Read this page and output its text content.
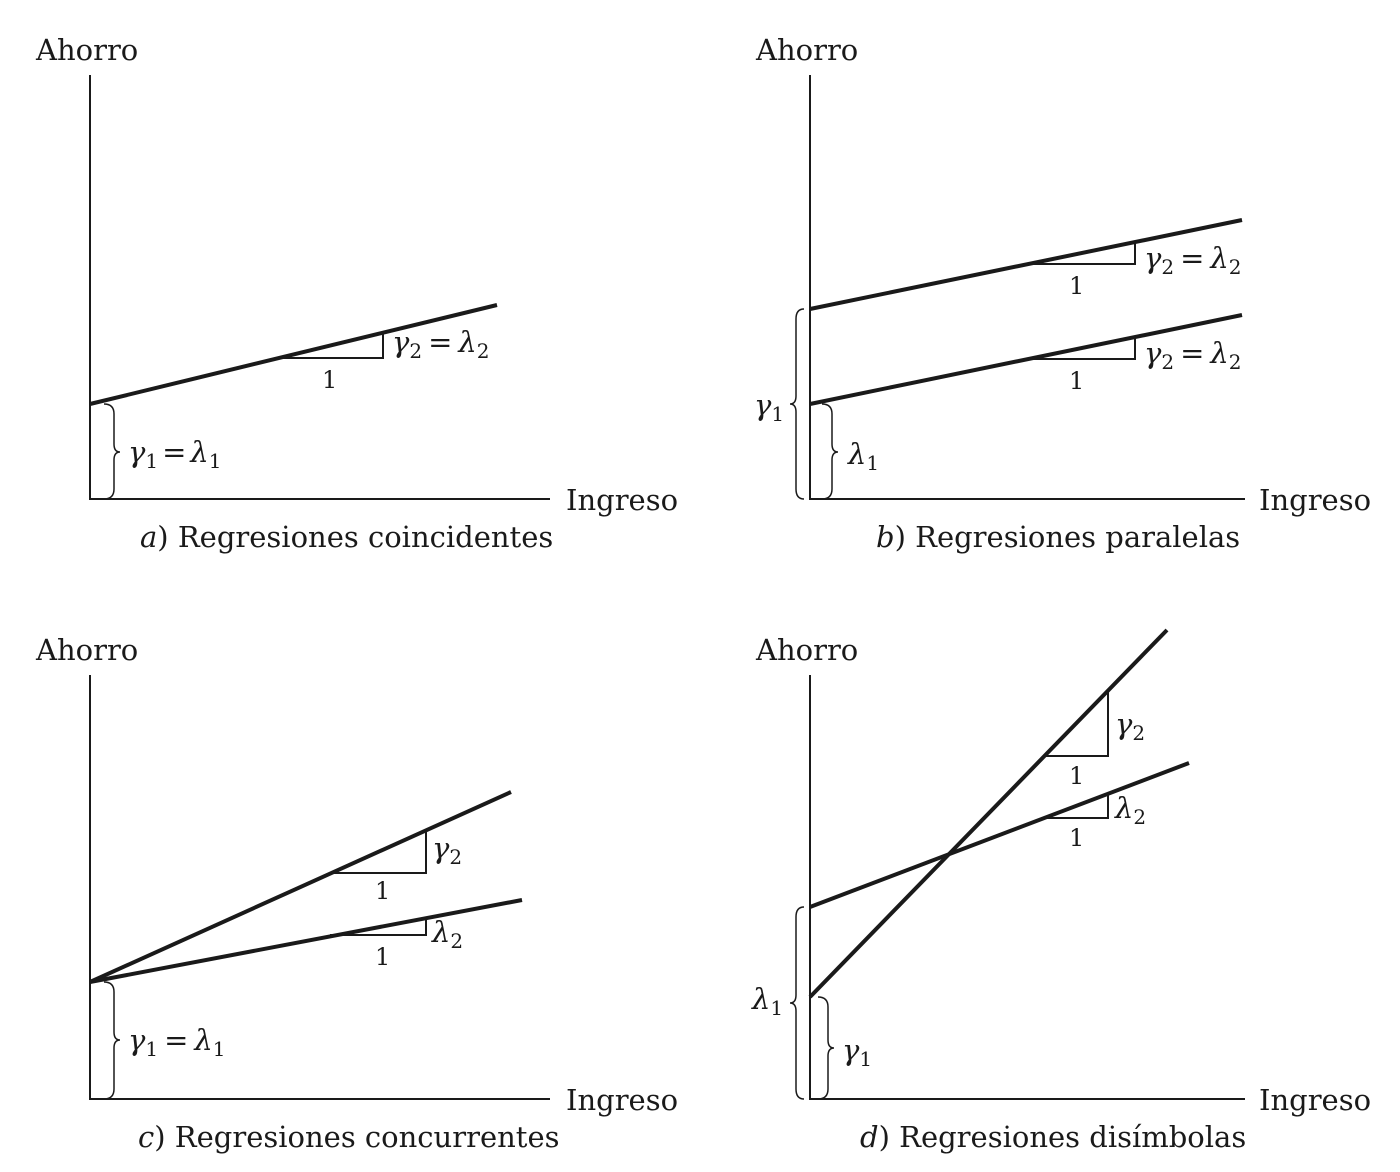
Ahorro
Ingreso
1
$\gamma_2 = \lambda_2$
$\gamma_1 = \lambda_1$
a) Regresiones coincidentes
Ahorro
Ingreso
1
1
$\gamma_2 = \lambda_2$
$\gamma_2 = \lambda_2$
$\gamma_1$
$\lambda_1$
b) Regresiones paralelas
Ahorro
Ingreso
1
1
$\gamma_2$
$\lambda_2$
$\gamma_1 = \lambda_1$
c) Regresiones concurrentes
Ahorro
Ingreso
1
1
$\gamma_2$
$\lambda_2$
$\lambda_1$
$\gamma_1$
d) Regresiones disímbolas
